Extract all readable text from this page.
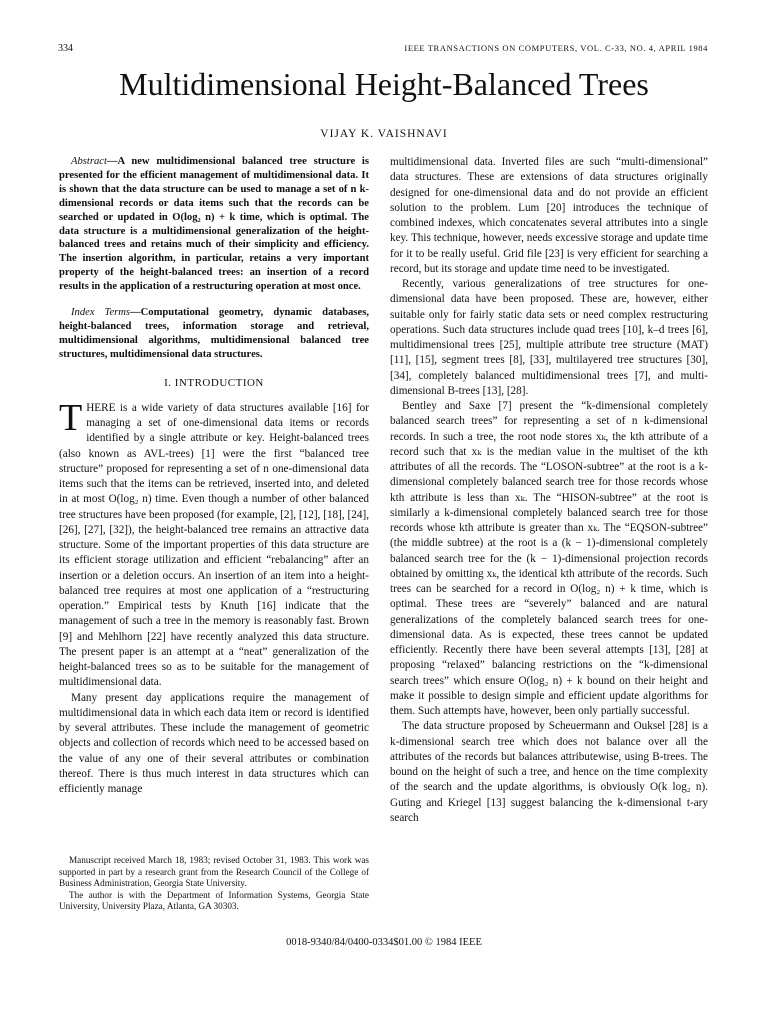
334	IEEE TRANSACTIONS ON COMPUTERS, VOL. C-33, NO. 4, APRIL 1984
Multidimensional Height-Balanced Trees
VIJAY K. VAISHNAVI

Abstract—A new multidimensional balanced tree structure is presented for the efficient management of multidimensional data. It is shown that the data structure can be used to manage a set of n k-dimensional records or data items such that the records can be searched or updated in O(log₂ n) + k time, which is optimal. The data structure is a multidimensional generalization of the height-balanced trees and retains much of their simplicity and efficiency. The insertion algorithm, in particular, retains a very important property of the height-balanced trees: an insertion of a record results in the application of a restructuring operation at most once.

Index Terms—Computational geometry, dynamic databases, height-balanced trees, information storage and retrieval, multidimensional algorithms, multidimensional balanced tree structures, multidimensional data structures.

I. INTRODUCTION

THERE is a wide variety of data structures available [16] for managing a set of one-dimensional data items or records identified by a single attribute or key. Height-balanced trees (also known as AVL-trees) [1] were the first “balanced tree structure” proposed for representing a set of n one-dimensional data items such that the items can be retrieved, inserted into, and deleted in at most O(log₂ n) time. Even though a number of other balanced tree structures have been proposed (for example, [2], [12], [18], [24], [26], [27], [32]), the height-balanced tree remains an attractive data structure. Some of the important properties of this data structure are its efficient storage utilization and efficient “rebalancing” after an insertion or a deletion occurs. An insertion of an item into a height-balanced tree requires at most one application of a “restructuring operation.” Empirical tests by Knuth [16] indicate that the management of such a tree in the memory is reasonably fast. Brown [9] and Mehlhorn [22] have recently analyzed this data structure. The present paper is an attempt at a “neat” generalization of the height-balanced trees so as to be suitable for the management of multidimensional data.

Many present day applications require the management of multidimensional data in which each data item or record is identified by several attributes. These include the management of geometric objects and collection of records which need to be accessed based on the value of any one of their several attributes or combination thereof. There is thus much interest in data structures which can efficiently manage

multidimensional data. Inverted files are such “multi-dimensional” data structures. These are extensions of data structures originally designed for one-dimensional data and do not provide an efficient solution to the problem. Lum [20] introduces the technique of combined indexes, which concatenates several attributes into a single key. This technique, however, needs excessive storage and update time for it to be really useful. Grid file [23] is very efficient for searching a record, but its storage and update time need to be investigated.

Recently, various generalizations of tree structures for one-dimensional data have been proposed. These are, however, either suitable only for fairly static data sets or need complex restructuring operations. Such data structures include quad trees [10], k–d trees [6], multidimensional trees [25], multiple attribute tree structure (MAT) [11], [15], segment trees [8], [33], multilayered tree structures [30], [34], completely balanced multidimensional trees [7], and multi-dimensional B-trees [13], [28].

Bentley and Saxe [7] present the “k-dimensional completely balanced search trees” for representing a set of n k-dimensional records. In such a tree, the root node stores xₖ, the kth attribute of a record such that xₖ is the median value in the multiset of the kth attributes of all the records. The “LOSON-subtree” at the root is a k-dimensional completely balanced search tree for those records whose kth attribute is less than xₖ. The “HISON-subtree” at the root is similarly a k-dimensional completely balanced search tree for those records whose kth attribute is greater than xₖ. The “EQSON-subtree” (the middle subtree) at the root is a (k − 1)-dimensional completely balanced search tree for the (k − 1)-dimensional projection records obtained by omitting xₖ, the identical kth attribute of the records. Such trees can be searched for a record in O(log₂ n) + k time, which is optimal. These trees are “severely” balanced and are natural generalizations of the completely balanced search trees for one-dimensional data. As is expected, these trees cannot be updated efficiently. Recently there have been several attempts [13], [28] at proposing “relaxed” balancing restrictions on the “k-dimensional search trees” which ensure O(log₂ n) + k bound on their height and make it possible to design simple and efficient update algorithms for them. Such attempts have, however, been only partially successful.

The data structure proposed by Scheuermann and Ouksel [28] is a k-dimensional search tree which does not balance over all the attributes of the records but balances attributewise, using B-trees. The bound on the height of such a tree, and hence on the time complexity of the search and the update algorithms, is obviously O(k log₂ n). Guting and Kriegel [13] suggest balancing the k-dimensional t-ary search

Manuscript received March 18, 1983; revised October 31, 1983. This work was supported in part by a research grant from the Research Council of the College of Business Administration, Georgia State University.

The author is with the Department of Information Systems, Georgia State University, University Plaza, Atlanta, GA 30303.

0018-9340/84/0400-0334$01.00 © 1984 IEEE
